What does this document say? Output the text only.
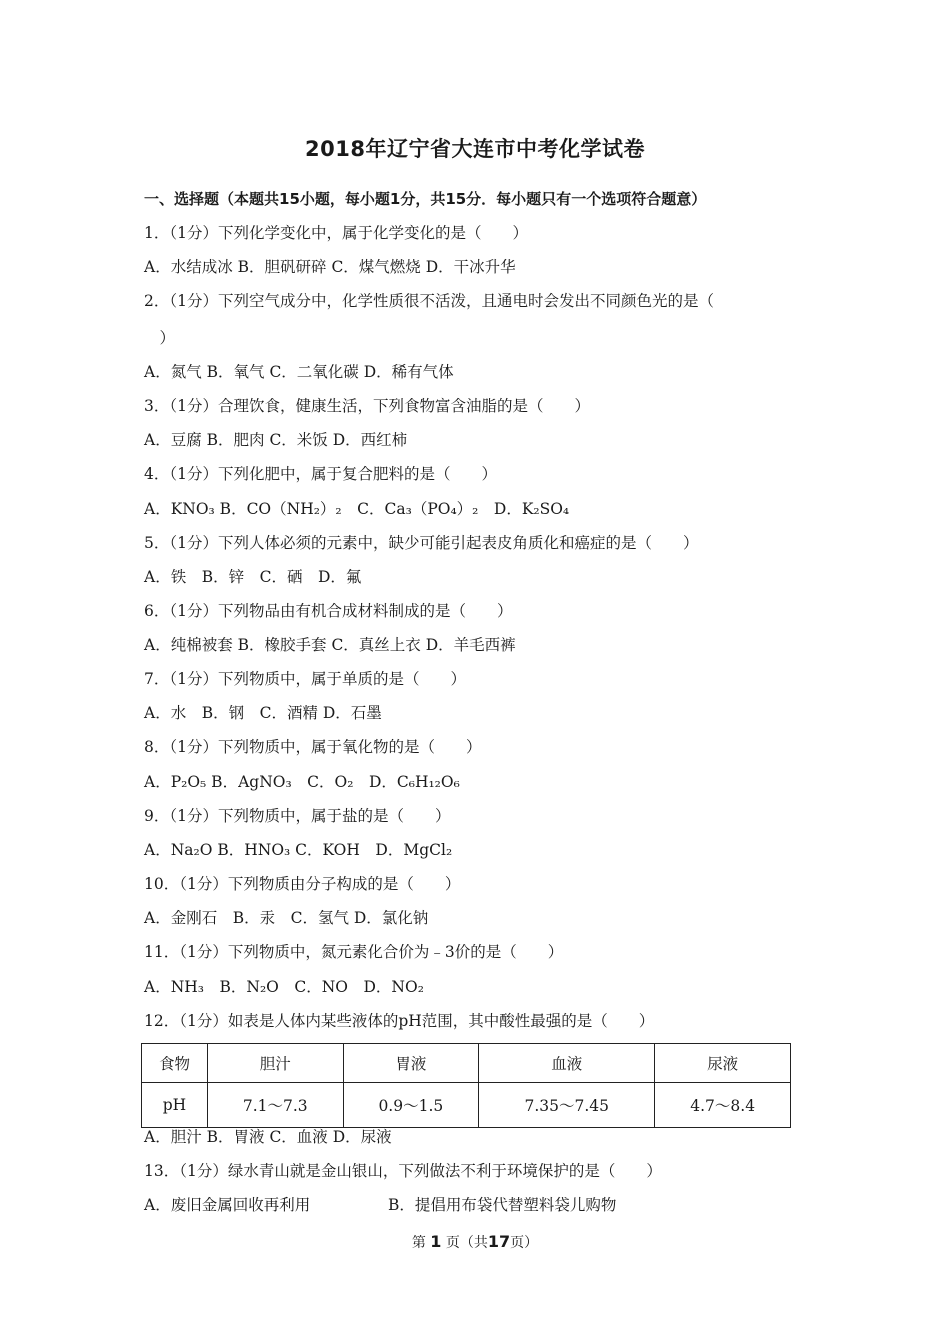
2018年辽宁省大连市中考化学试卷
一、选择题（本题共15小题，每小题1分，共15分．每小题只有一个选项符合题意）
1．（1分）下列化学变化中，属于化学变化的是（　　）
A．水结成冰 B．胆矾研碎 C．煤气燃烧 D．干冰升华
2．（1分）下列空气成分中，化学性质很不活泼，且通电时会发出不同颜色光的是（
　）
A．氮气 B．氧气 C．二氧化碳 D．稀有气体
3．（1分）合理饮食，健康生活，下列食物富含油脂的是（　　）
A．豆腐 B．肥肉 C．米饭 D．西红柿
4．（1分）下列化肥中，属于复合肥料的是（　　）
A．KNO₃ B．CO（NH₂）₂　C．Ca₃（PO₄）₂　D．K₂SO₄
5．（1分）下列人体必须的元素中，缺少可能引起表皮角质化和癌症的是（　　）
A．铁　B．锌　C．硒　D．氟
6．（1分）下列物品由有机合成材料制成的是（　　）
A．纯棉被套 B．橡胶手套 C．真丝上衣 D．羊毛西裤
7．（1分）下列物质中，属于单质的是（　　）
A．水　B．钢　C．酒精 D．石墨
8．（1分）下列物质中，属于氧化物的是（　　）
A．P₂O₅ B．AgNO₃　C．O₂　D．C₆H₁₂O₆
9．（1分）下列物质中，属于盐的是（　　）
A．Na₂O B．HNO₃ C．KOH　D．MgCl₂
10．（1分）下列物质由分子构成的是（　　）
A．金刚石　B．汞　C．氢气 D．氯化钠
11．（1分）下列物质中，氮元素化合价为﹣3价的是（　　）
A．NH₃　B．N₂O　C．NO　D．NO₂
12．（1分）如表是人体内某些液体的pH范围，其中酸性最强的是（　　）
食物	胆汁	胃液	血液	尿液
pH	7.1～7.3	0.9～1.5	7.35～7.45	4.7～8.4
A．胆汁 B．胃液 C．血液 D．尿液
13．（1分）绿水青山就是金山银山，下列做法不利于环境保护的是（　　）
A．废旧金属回收再利用	B．提倡用布袋代替塑料袋儿购物
第 1 页（共17页）
